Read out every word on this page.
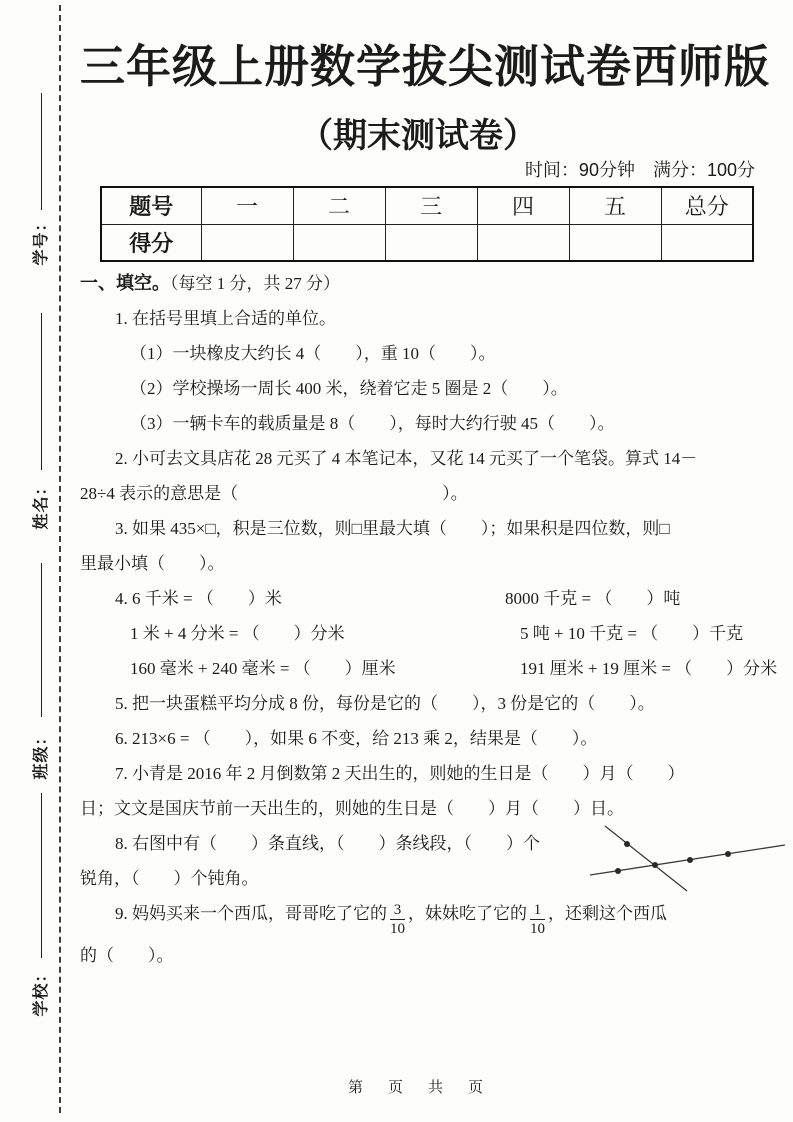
学号：
姓名：
班级：
学校：
三年级上册数学拔尖测试卷西师版
（期末测试卷）
时间：90分钟　满分：100分
题号	一	二	三	四	五	总分
得分						
一、填空。（每空 1 分，共 27 分）
1. 在括号里填上合适的单位。
（1）一块橡皮大约长 4（　　），重 10（　　）。
（2）学校操场一周长 400 米，绕着它走 5 圈是 2（　　）。
（3）一辆卡车的载质量是 8（　　），每时大约行驶 45（　　）。
2. 小可去文具店花 28 元买了 4 本笔记本，又花 14 元买了一个笔袋。算式 14－
28÷4 表示的意思是（　　　　　　　　　　　　）。
3. 如果 435×□，积是三位数，则□里最大填（　　）；如果积是四位数，则□
里最小填（　　）。
4. 6 千米 = （　　）米	8000 千克 = （　　）吨
1 米 + 4 分米 = （　　）分米	5 吨 + 10 千克 = （　　）千克
160 毫米 + 240 毫米 = （　　）厘米	191 厘米 + 19 厘米 = （　　）分米
5. 把一块蛋糕平均分成 8 份，每份是它的（　　），3 份是它的（　　）。
6. 213×6 = （　　），如果 6 不变，给 213 乘 2，结果是（　　）。
7. 小青是 2016 年 2 月倒数第 2 天出生的，则她的生日是（　　）月（　　）
日；文文是国庆节前一天出生的，则她的生日是（　　）月（　　）日。
8. 右图中有（　　）条直线，（　　）条线段，（　　）个
锐角，（　　）个钝角。
9. 妈妈买来一个西瓜，哥哥吃了它的 $\frac{3}{10}$ ，妹妹吃了它的 $\frac{1}{10}$ ，还剩这个西瓜
的（　　）。
第　页　共　页
